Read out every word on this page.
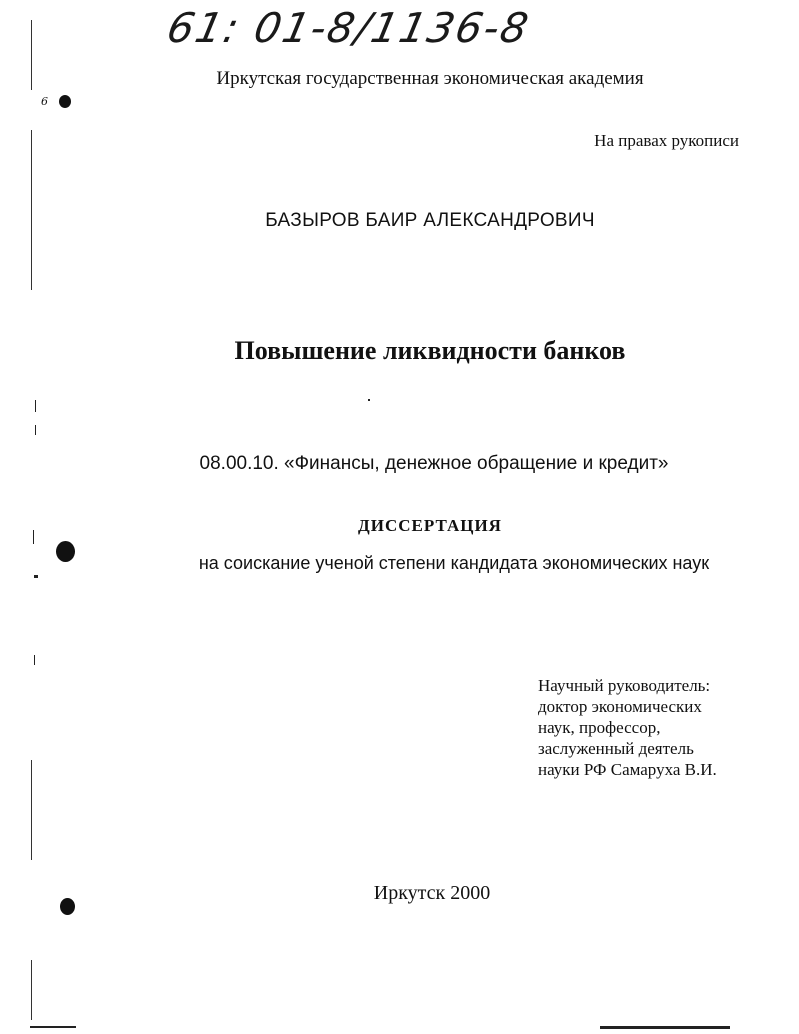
6
61: 01-8/1136-8
Иркутская государственная экономическая академия
На правах рукописи
БАЗЫРОВ БАИР АЛЕКСАНДРОВИЧ
Повышение ликвидности банков
08.00.10. «Финансы, денежное обращение и кредит»
ДИССЕРТАЦИЯ
на соискание ученой степени кандидата экономических наук
Научный руководитель:
доктор экономических
наук, профессор,
заслуженный деятель
науки РФ Самаруха В.И.
Иркутск 2000
